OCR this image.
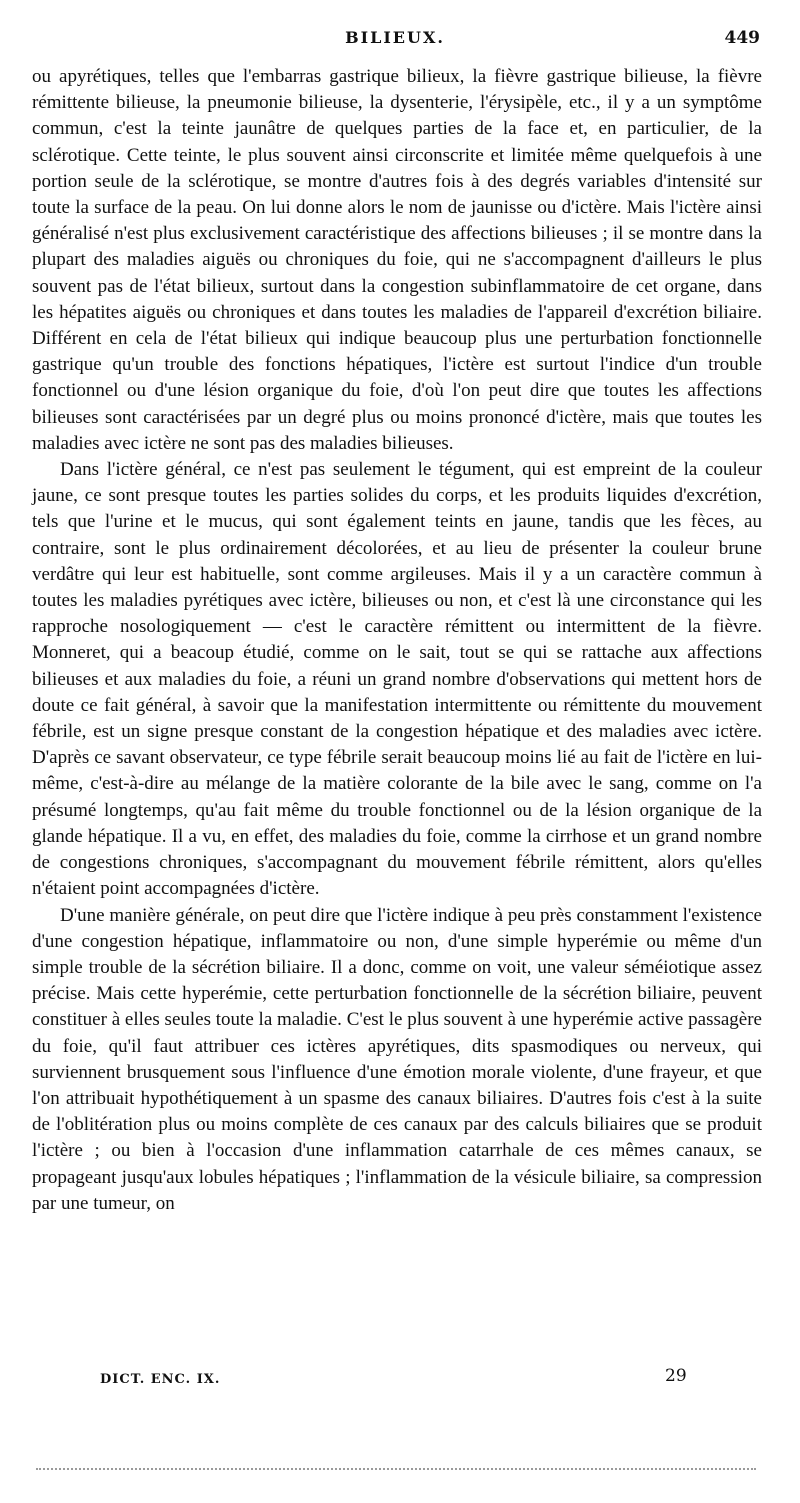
BILIEUX.	449

ou apyrétiques, telles que l'embarras gastrique bilieux, la fièvre gastrique bilieuse, la fièvre rémittente bilieuse, la pneumonie bilieuse, la dysenterie, l'érysipèle, etc., il y a un symptôme commun, c'est la teinte jaunâtre de quelques parties de la face et, en particulier, de la sclérotique. Cette teinte, le plus souvent ainsi circonscrite et limitée même quelquefois à une portion seule de la sclérotique, se montre d'autres fois à des degrés variables d'intensité sur toute la surface de la peau. On lui donne alors le nom de jaunisse ou d'ictère. Mais l'ictère ainsi généralisé n'est plus exclusivement caractéristique des affections bilieuses ; il se montre dans la plupart des maladies aiguës ou chroniques du foie, qui ne s'accompagnent d'ailleurs le plus souvent pas de l'état bilieux, surtout dans la congestion subinflammatoire de cet organe, dans les hépatites aiguës ou chroniques et dans toutes les maladies de l'appareil d'excrétion biliaire. Différent en cela de l'état bilieux qui indique beaucoup plus une perturbation fonctionnelle gastrique qu'un trouble des fonctions hépatiques, l'ictère est surtout l'indice d'un trouble fonctionnel ou d'une lésion organique du foie, d'où l'on peut dire que toutes les affections bilieuses sont caractérisées par un degré plus ou moins prononcé d'ictère, mais que toutes les maladies avec ictère ne sont pas des maladies bilieuses.

Dans l'ictère général, ce n'est pas seulement le tégument, qui est empreint de la couleur jaune, ce sont presque toutes les parties solides du corps, et les produits liquides d'excrétion, tels que l'urine et le mucus, qui sont également teints en jaune, tandis que les fèces, au contraire, sont le plus ordinairement décolorées, et au lieu de présenter la couleur brune verdâtre qui leur est habituelle, sont comme argileuses. Mais il y a un caractère commun à toutes les maladies pyrétiques avec ictère, bilieuses ou non, et c'est là une circonstance qui les rapproche nosologiquement — c'est le caractère rémittent ou intermittent de la fièvre. Monneret, qui a beacoup étudié, comme on le sait, tout se qui se rattache aux affections bilieuses et aux maladies du foie, a réuni un grand nombre d'observations qui mettent hors de doute ce fait général, à savoir que la manifestation intermittente ou rémittente du mouvement fébrile, est un signe presque constant de la congestion hépatique et des maladies avec ictère. D'après ce savant observateur, ce type fébrile serait beaucoup moins lié au fait de l'ictère en lui-même, c'est-à-dire au mélange de la matière colorante de la bile avec le sang, comme on l'a présumé longtemps, qu'au fait même du trouble fonctionnel ou de la lésion organique de la glande hépatique. Il a vu, en effet, des maladies du foie, comme la cirrhose et un grand nombre de congestions chroniques, s'accompagnant du mouvement fébrile rémittent, alors qu'elles n'étaient point accompagnées d'ictère.

D'une manière générale, on peut dire que l'ictère indique à peu près constamment l'existence d'une congestion hépatique, inflammatoire ou non, d'une simple hyperémie ou même d'un simple trouble de la sécrétion biliaire. Il a donc, comme on voit, une valeur séméiotique assez précise. Mais cette hyperémie, cette perturbation fonctionnelle de la sécrétion biliaire, peuvent constituer à elles seules toute la maladie. C'est le plus souvent à une hyperémie active passagère du foie, qu'il faut attribuer ces ictères apyrétiques, dits spasmodiques ou nerveux, qui surviennent brusquement sous l'influence d'une émotion morale violente, d'une frayeur, et que l'on attribuait hypothétiquement à un spasme des canaux biliaires. D'autres fois c'est à la suite de l'oblitération plus ou moins complète de ces canaux par des calculs biliaires que se produit l'ictère ; ou bien à l'occasion d'une inflammation catarrhale de ces mêmes canaux, se propageant jusqu'aux lobules hépatiques ; l'inflammation de la vésicule biliaire, sa compression par une tumeur, on

DICT. ENC. IX.	29
